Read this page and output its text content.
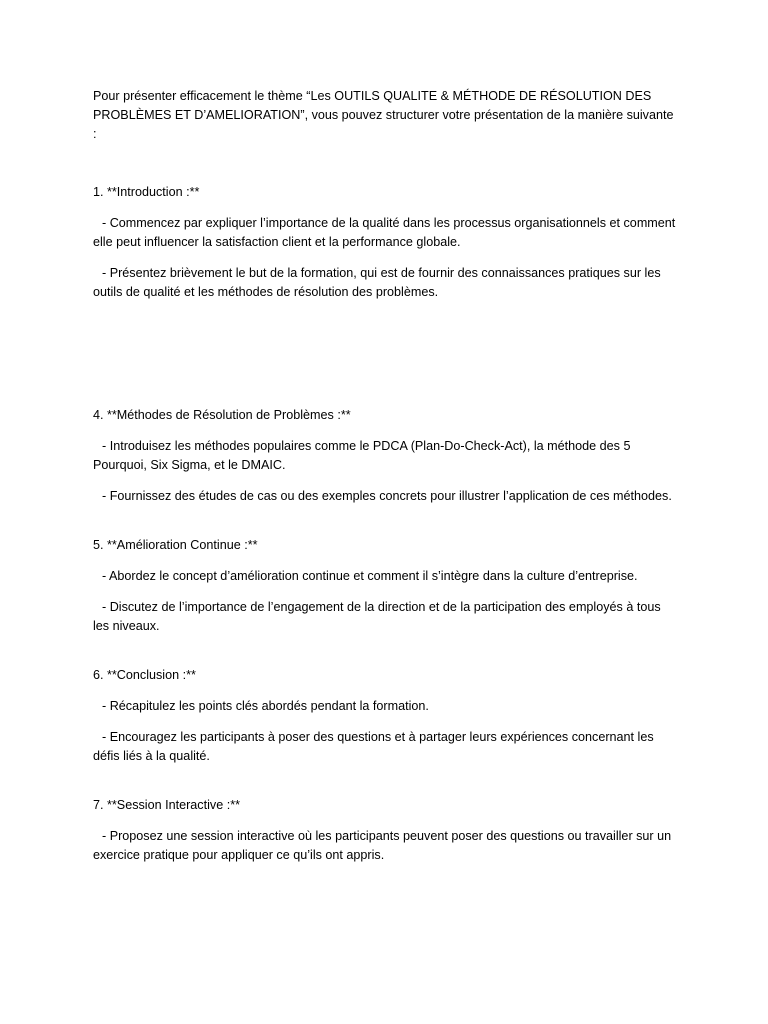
Pour présenter efficacement le thème “Les OUTILS QUALITE & MÉTHODE DE RÉSOLUTION DES PROBLÈMES ET D’AMELIORATION”, vous pouvez structurer votre présentation de la manière suivante :

1. **Introduction :**

- Commencez par expliquer l’importance de la qualité dans les processus organisationnels et comment elle peut influencer la satisfaction client et la performance globale.

- Présentez brièvement le but de la formation, qui est de fournir des connaissances pratiques sur les outils de qualité et les méthodes de résolution des problèmes.

4. **Méthodes de Résolution de Problèmes :**

- Introduisez les méthodes populaires comme le PDCA (Plan-Do-Check-Act), la méthode des 5 Pourquoi, Six Sigma, et le DMAIC.

- Fournissez des études de cas ou des exemples concrets pour illustrer l’application de ces méthodes.

5. **Amélioration Continue :**

- Abordez le concept d’amélioration continue et comment il s’intègre dans la culture d’entreprise.

- Discutez de l’importance de l’engagement de la direction et de la participation des employés à tous les niveaux.

6. **Conclusion :**

- Récapitulez les points clés abordés pendant la formation.

- Encouragez les participants à poser des questions et à partager leurs expériences concernant les défis liés à la qualité.

7. **Session Interactive :**

- Proposez une session interactive où les participants peuvent poser des questions ou travailler sur un exercice pratique pour appliquer ce qu’ils ont appris.
